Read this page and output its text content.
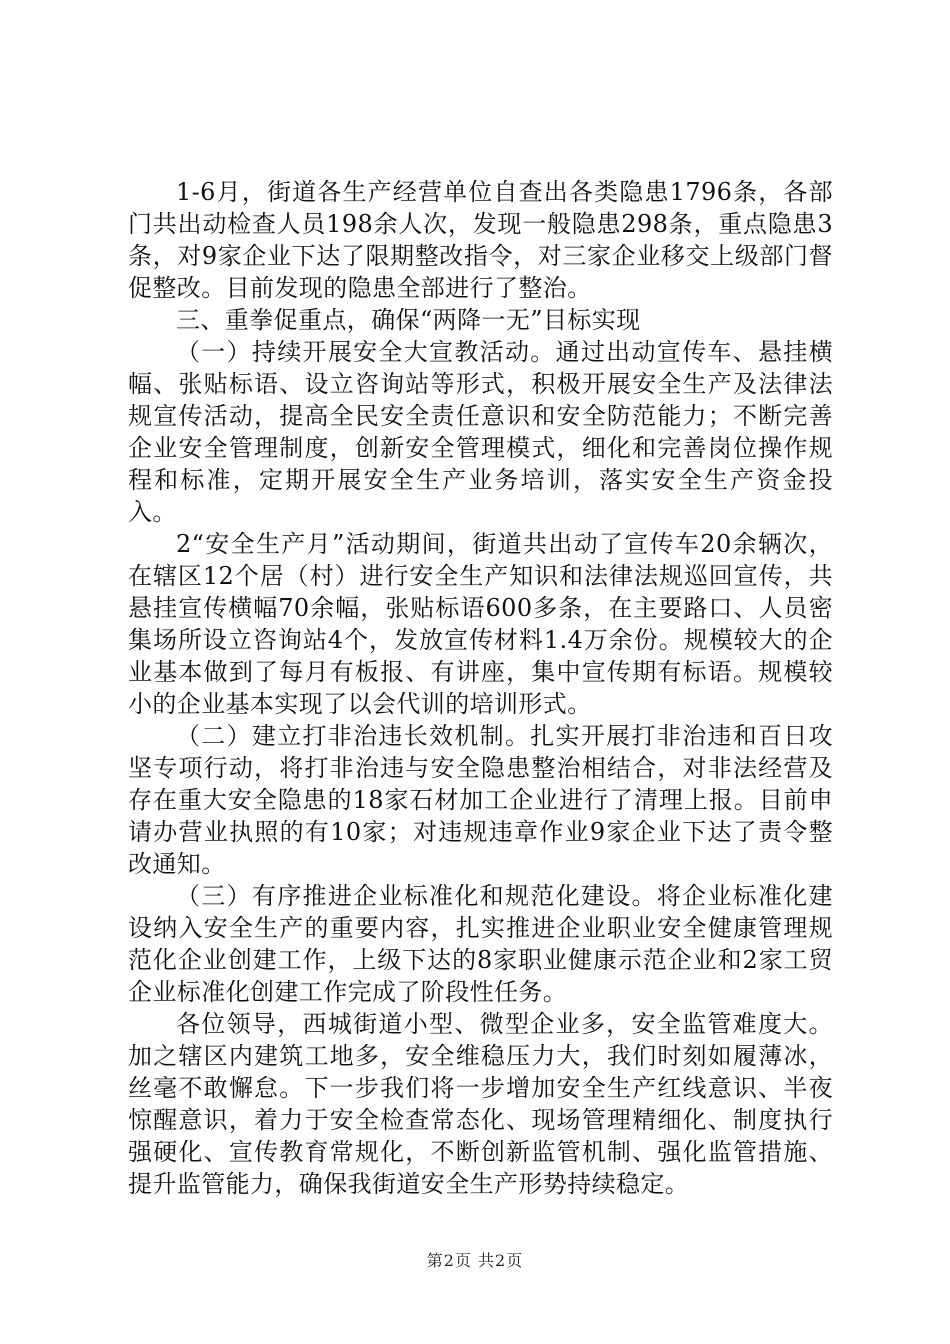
1-6月，街道各生产经营单位自查出各类隐患1796条，各部门共出动检查人员198余人次，发现一般隐患298条，重点隐患3条，对9家企业下达了限期整改指令，对三家企业移交上级部门督促整改。目前发现的隐患全部进行了整治。

三、重拳促重点，确保“两降一无”目标实现

（一）持续开展安全大宣教活动。通过出动宣传车、悬挂横幅、张贴标语、设立咨询站等形式，积极开展安全生产及法律法规宣传活动，提高全民安全责任意识和安全防范能力；不断完善企业安全管理制度，创新安全管理模式，细化和完善岗位操作规程和标准，定期开展安全生产业务培训，落实安全生产资金投入。

2“安全生产月”活动期间，街道共出动了宣传车20余辆次，在辖区12个居（村）进行安全生产知识和法律法规巡回宣传，共悬挂宣传横幅70余幅，张贴标语600多条，在主要路口、人员密集场所设立咨询站4个，发放宣传材料1.4万余份。规模较大的企业基本做到了每月有板报、有讲座，集中宣传期有标语。规模较小的企业基本实现了以会代训的培训形式。

（二）建立打非治违长效机制。扎实开展打非治违和百日攻坚专项行动，将打非治违与安全隐患整治相结合，对非法经营及存在重大安全隐患的18家石材加工企业进行了清理上报。目前申请办营业执照的有10家；对违规违章作业9家企业下达了责令整改通知。

（三）有序推进企业标准化和规范化建设。将企业标准化建设纳入安全生产的重要内容，扎实推进企业职业安全健康管理规范化企业创建工作，上级下达的8家职业健康示范企业和2家工贸企业标准化创建工作完成了阶段性任务。

各位领导，西城街道小型、微型企业多，安全监管难度大。加之辖区内建筑工地多，安全维稳压力大，我们时刻如履薄冰，丝毫不敢懈怠。下一步我们将一步增加安全生产红线意识、半夜惊醒意识，着力于安全检查常态化、现场管理精细化、制度执行强硬化、宣传教育常规化，不断创新监管机制、强化监管措施、提升监管能力，确保我街道安全生产形势持续稳定。

第2页 共2页
